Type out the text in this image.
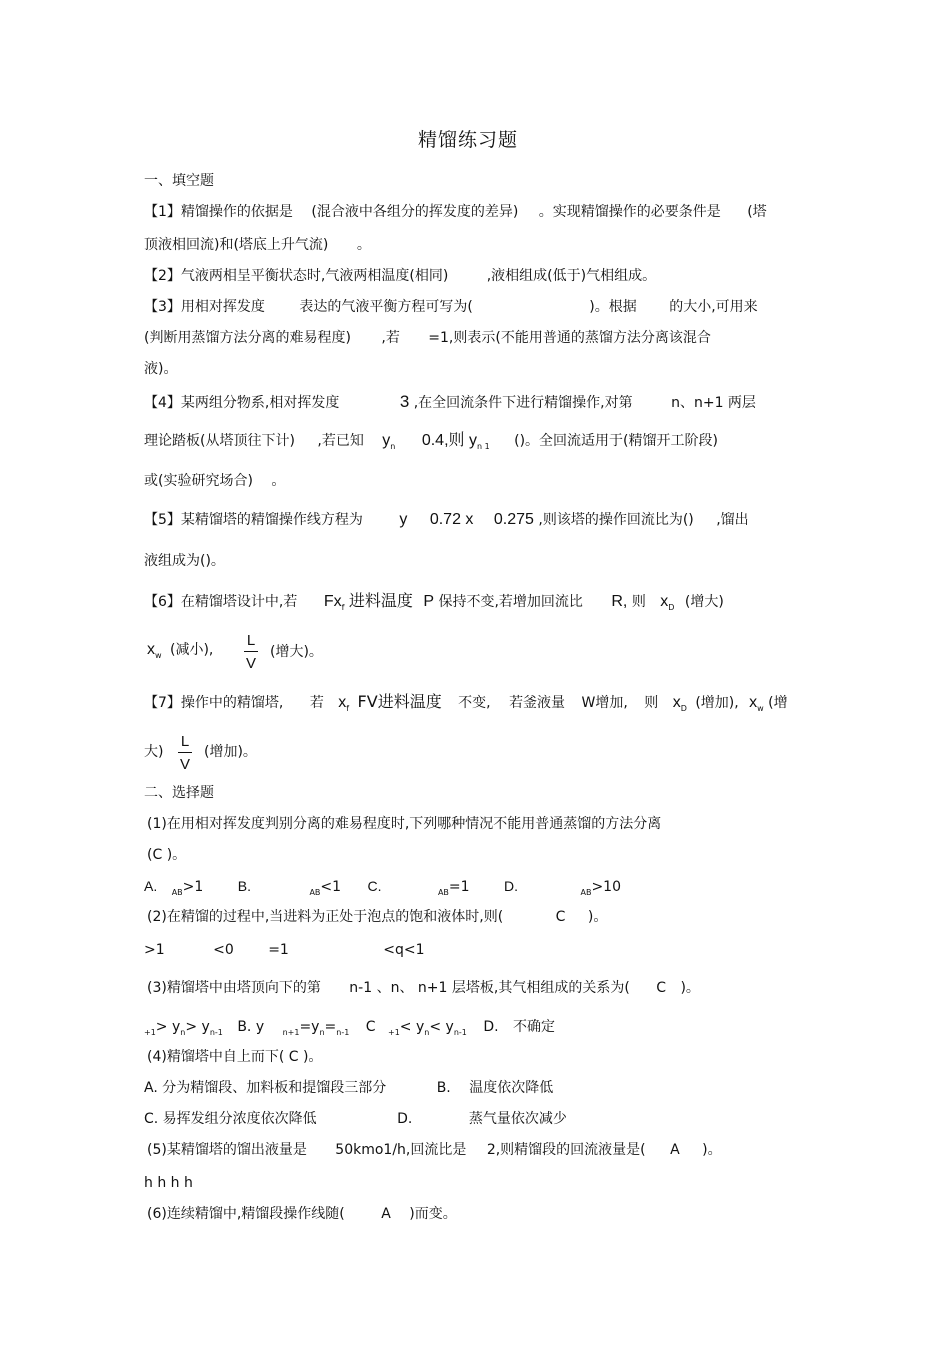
精馏练习题
一、填空题
【1】精馏操作的依据是 (混合液中各组分的挥发度的差异) 。实现精馏操作的必要条件是 (塔
顶液相回流)和(塔底上升气流) 。
【2】气液两相呈平衡状态时,气液两相温度(相同)	,液相组成(低于)气相组成。
【3】用相对挥发度 表达的气液平衡方程可写为(	)。根据 的大小,可用来
(判断用蒸馏方法分离的难易程度) ,若 =1,则表示(不能用普通的蒸馏方法分离该混合
液)。
【4】某两组分物系,相对挥发度	3 ,在全回流条件下进行精馏操作,对第	n、n+1 两层
理论踏板(从塔顶往下计) ,若已知 yn 0.4,则 yn 1 ()。全回流适用于(精馏开工阶段)
或(实验研究场合) 。
【5】某精馏塔的精馏操作线方程为 y 0.72 x 0.275 ,则该塔的操作回流比为() ,馏出
液组成为()。
【6】在精馏塔设计中,若 Fxf 进料温度 P 保持不变,若增加回流比 R, 则 xD (增大)
xw (减小), $\frac{L}{V}$ (增大)。
【7】操作中的精馏塔, 若 xf FV进料温度 不变, 若釜液量 W增加, 则 xD (增加), xw (增
大) $\frac{L}{V}$ (增加)。
二、选择题
(1)在用相对挥发度判别分离的难易程度时,下列哪种情况不能用普通蒸馏的方法分离
(C )。
A. AB>1 B.	AB<1 C.	AB=1 D.	AB>10
(2)在精馏的过程中,当进料为正处于泡点的饱和液体时,则(	C )。
>1	<0 =1	<q<1
(3)精馏塔中由塔顶向下的第 n-1 、n、 n+1 层塔板,其气相组成的关系为( C )。
+1> yn> yn-1 B. y n+1=yn=n-1 C +1< yn< yn-1 D. 不确定
(4)精馏塔中自上而下( C )。
A. 分为精馏段、加料板和提馏段三部分	B. 温度依次降低
C. 易挥发组分浓度依次降低	D.	蒸气量依次减少
(5)某精馏塔的馏出液量是 50kmo1/h,回流比是 2,则精馏段的回流液量是( A )。
h h h h
(6)连续精馏中,精馏段操作线随(	A )而变。
